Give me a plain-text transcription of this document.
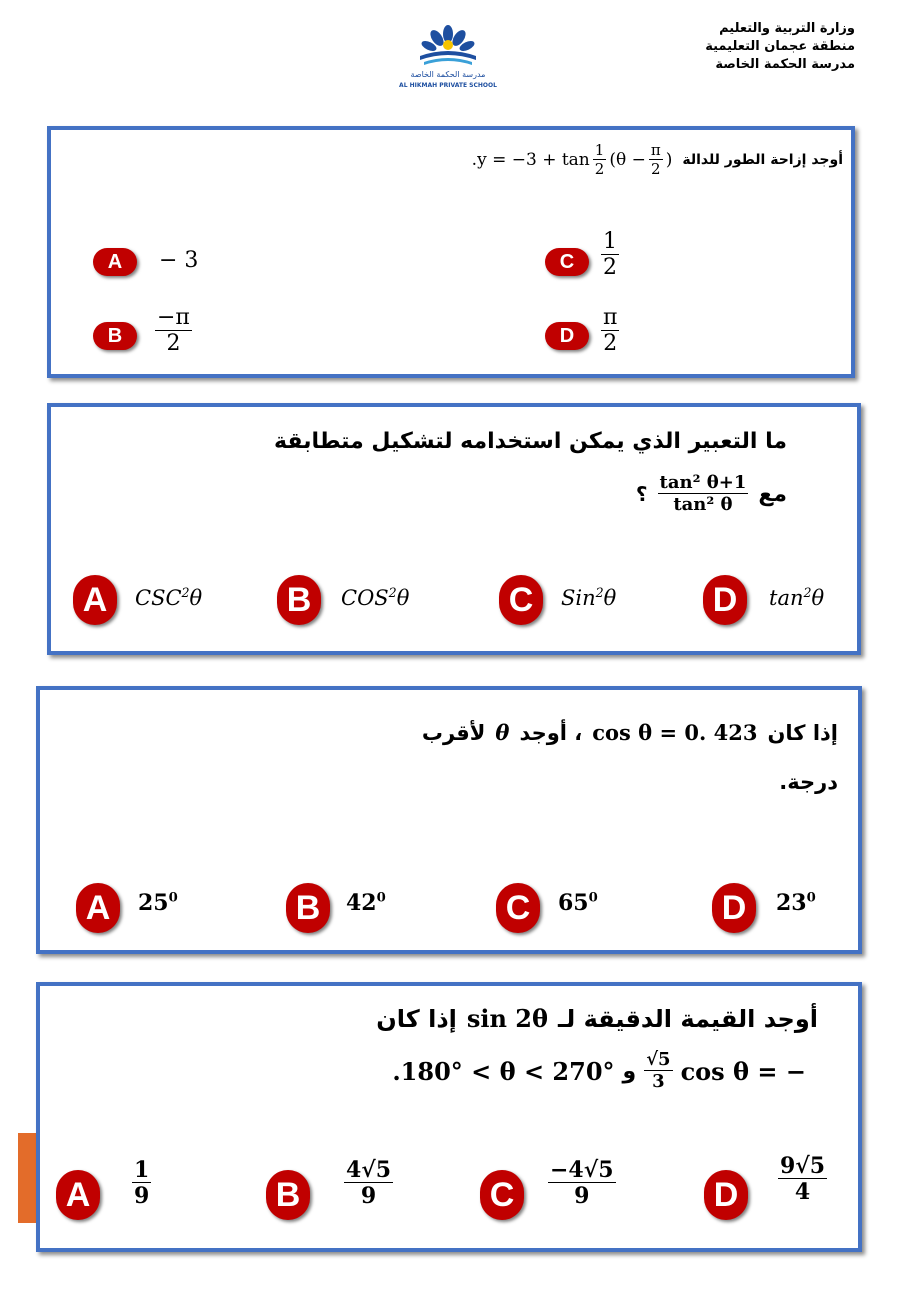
وزارة التربية والتعليم
منطقة عجمان التعليمية
مدرسة الحكمة الخاصة
مدرسة الحكمة الخاصة
AL HIKMAH PRIVATE SCHOOL
أوجد إزاحة الطور للدالة
$.y = -3 + \tan \frac{1}{2} (\theta - \frac{\pi}{2}$ )
A	− 3
B	$\frac{-\pi}{2}$
C	$\frac{1}{2}$
D	$\frac{\pi}{2}$
ما التعبير الذي يمكن استخدامه لتشكيل متطابقة
مع
$\frac{\text{tan² θ+1}}{\text{tan² θ}}$
؟
A	CSC$^2$θ B	COS$^2$θ	C	Sin$^2$θ	D	$\tan^2\theta$
إذا كان
cos θ = 0. 423
، أوجد
θ
لأقرب
درجة.
A	$25^0$	B	$42^0$	C	$65^0$	D	$23^0$
أوجد القيمة الدقيقة لـ
sin 2θ
إذا كان
cos θ = −
$\frac{√5}{3}$
و
.180° < θ < 270°
A	$\frac{1}{9}$	B	$\frac{4√5}{9}$	C	$\frac{-4√5}{9}$	D	$\frac{9√5}{4}$
